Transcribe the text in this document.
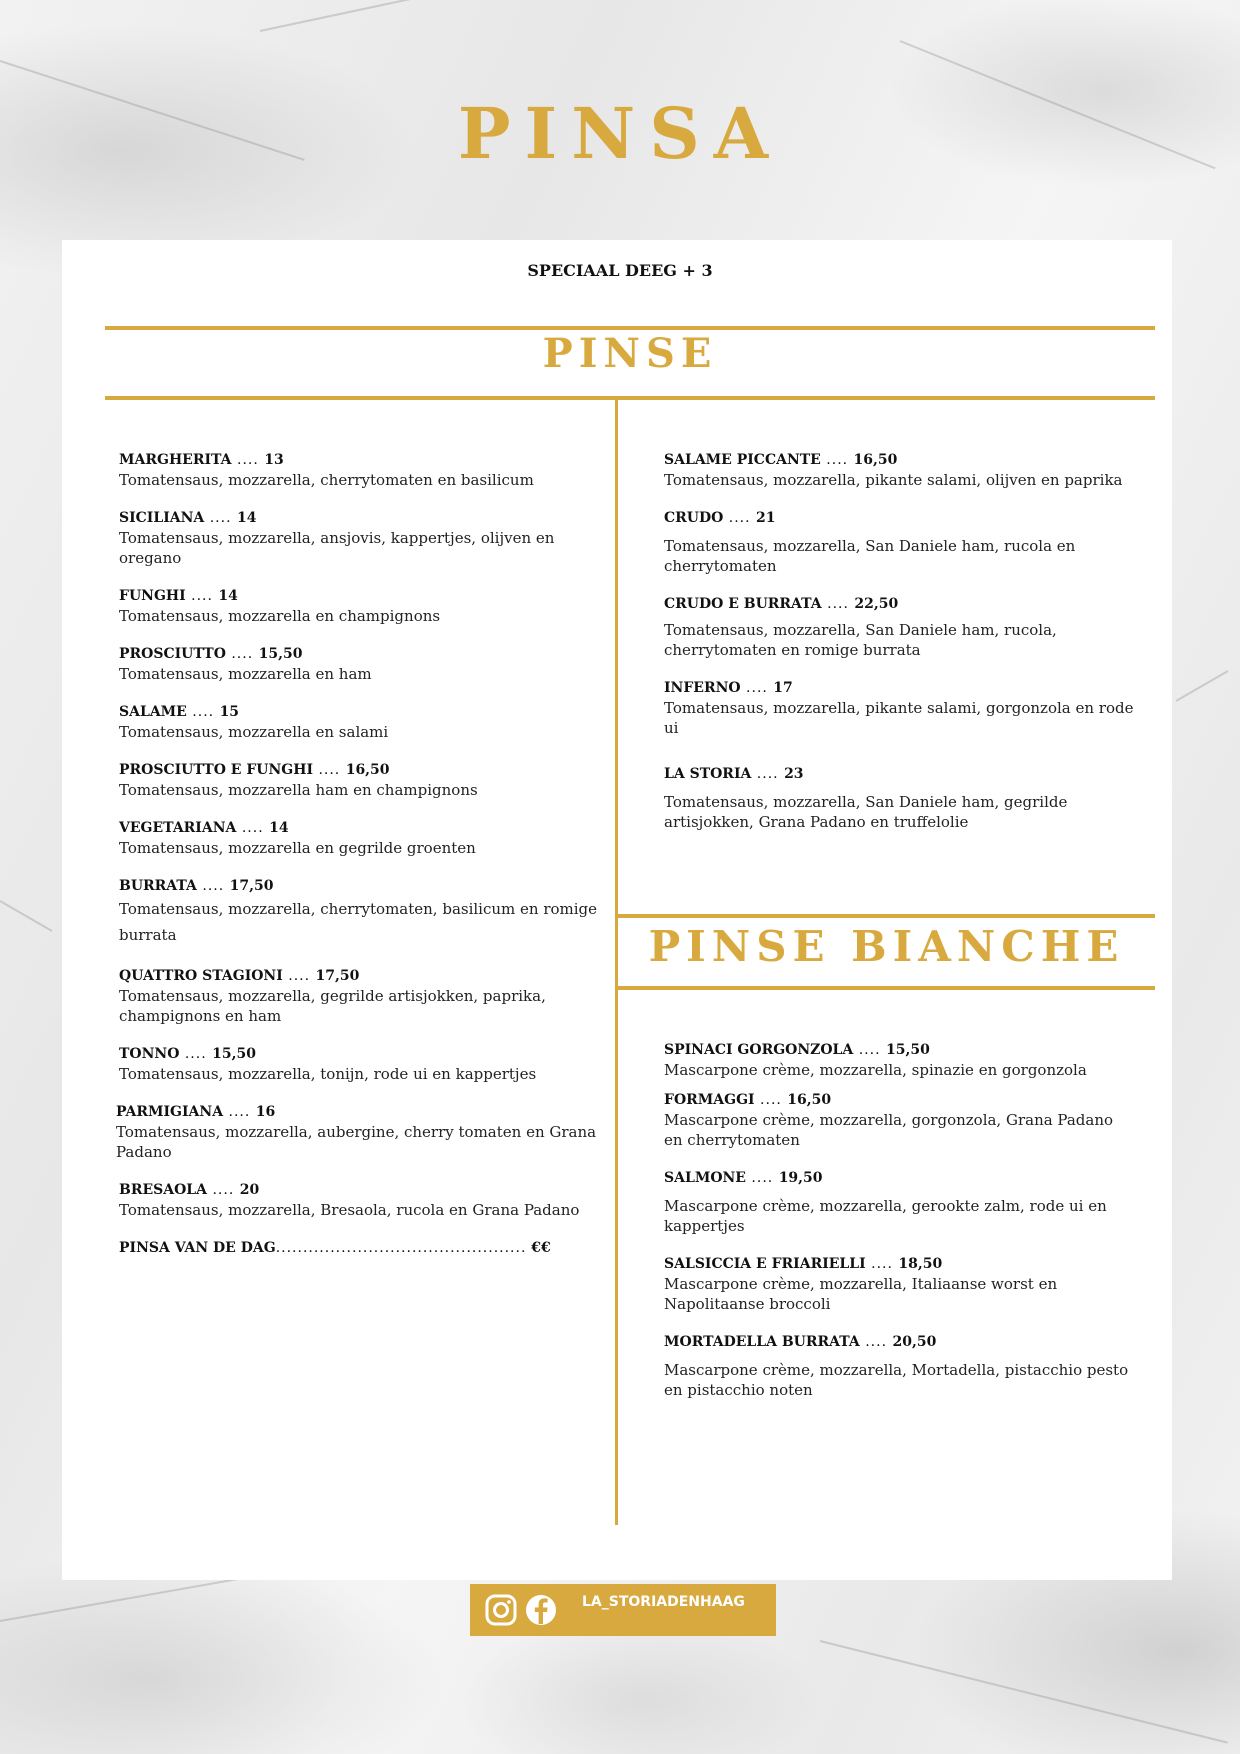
PINSA
SPECIAAL DEEG + 3
PINSE
PINSE BIANCHE
MARGHERITA .... 13
Tomatensaus, mozzarella, cherrytomaten en basilicum
SICILIANA .... 14
Tomatensaus, mozzarella, ansjovis, kappertjes, olijven en oregano
FUNGHI .... 14
Tomatensaus, mozzarella en champignons
PROSCIUTTO .... 15,50
Tomatensaus, mozzarella en ham
SALAME .... 15
Tomatensaus, mozzarella en salami
PROSCIUTTO E FUNGHI .... 16,50
Tomatensaus, mozzarella ham en champignons
VEGETARIANA .... 14
Tomatensaus, mozzarella en gegrilde groenten
BURRATA .... 17,50
Tomatensaus, mozzarella, cherrytomaten, basilicum en romige burrata
QUATTRO STAGIONI .... 17,50
Tomatensaus, mozzarella, gegrilde artisjokken, paprika, champignons en ham
TONNO .... 15,50
Tomatensaus, mozzarella, tonijn, rode ui en kappertjes
PARMIGIANA .... 16
Tomatensaus, mozzarella, aubergine, cherry tomaten en Grana Padano
BRESAOLA .... 20
Tomatensaus, mozzarella, Bresaola, rucola en Grana Padano
PINSA VAN DE DAG.............................................. €€
SALAME PICCANTE .... 16,50
Tomatensaus, mozzarella, pikante salami, olijven en paprika
CRUDO .... 21
Tomatensaus, mozzarella, San Daniele ham, rucola en cherrytomaten
CRUDO E BURRATA .... 22,50
Tomatensaus, mozzarella, San Daniele ham, rucola, cherrytomaten en romige burrata
INFERNO .... 17
Tomatensaus, mozzarella, pikante salami, gorgonzola en rode ui
LA STORIA .... 23
Tomatensaus, mozzarella, San Daniele ham, gegrilde artisjokken, Grana Padano en truffelolie
SPINACI GORGONZOLA .... 15,50
Mascarpone crème, mozzarella, spinazie en gorgonzola
FORMAGGI .... 16,50
Mascarpone crème, mozzarella, gorgonzola, Grana Padano en cherrytomaten
SALMONE .... 19,50
Mascarpone crème, mozzarella, gerookte zalm, rode ui en kappertjes
SALSICCIA E FRIARIELLI .... 18,50
Mascarpone crème, mozzarella, Italiaanse worst en Napolitaanse broccoli
MORTADELLA BURRATA .... 20,50
Mascarpone crème, mozzarella, Mortadella, pistacchio pesto en pistacchio noten
LA_STORIADENHAAG
